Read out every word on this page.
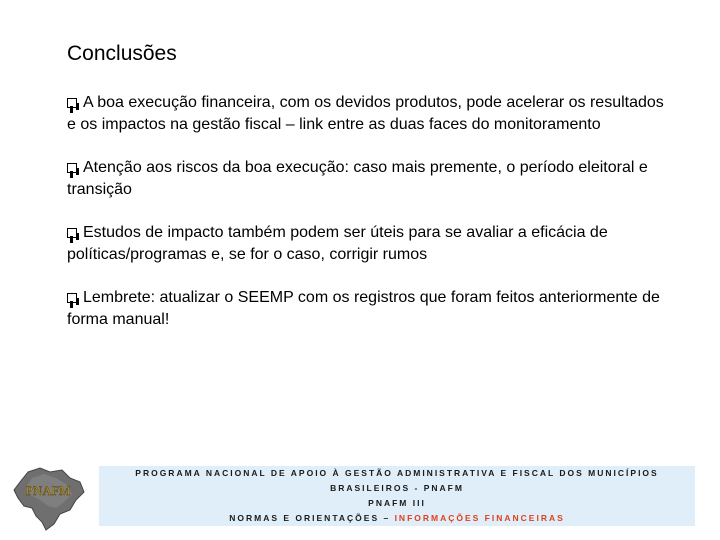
Conclusões

A boa execução financeira, com os devidos produtos, pode acelerar os resultados e os impactos na gestão fiscal – link entre as duas faces do monitoramento

Atenção aos riscos da boa execução: caso mais premente, o período eleitoral e transição

Estudos de impacto também podem ser úteis para se avaliar a eficácia de políticas/programas e, se for o caso, corrigir rumos

Lembrete: atualizar o SEEMP com os registros que foram feitos anteriormente de forma manual!

PNAFM
PROGRAMA NACIONAL DE APOIO À GESTÃO ADMINISTRATIVA E FISCAL DOS MUNICÍPIOS BRASILEIROS - PNAFM
PNAFM III
NORMAS E ORIENTAÇÕES – INFORMAÇÕES FINANCEIRAS
